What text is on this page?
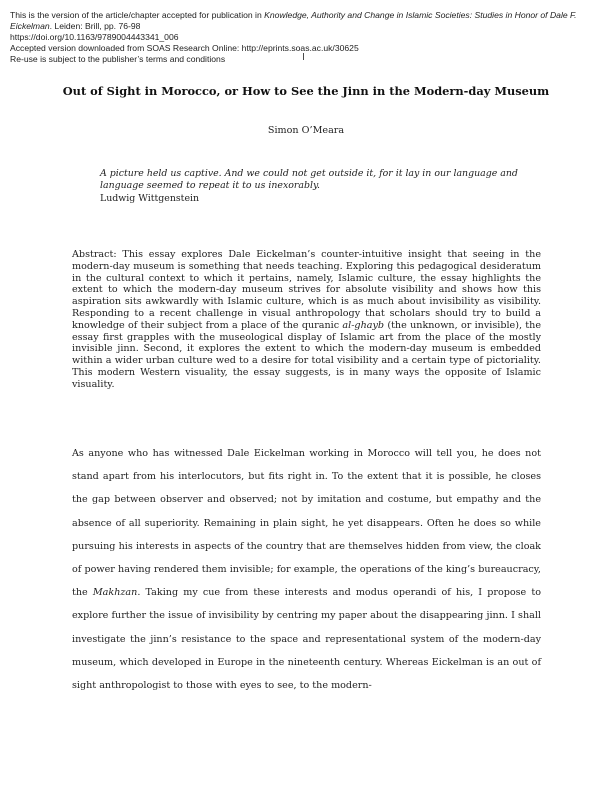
This is the version of the article/chapter accepted for publication in Knowledge, Authority and Change in Islamic Societies: Studies in Honor of Dale F. Eickelman. Leiden: Brill, pp. 76-98
https://doi.org/10.1163/9789004443341_006
Accepted version downloaded from SOAS Research Online: http://eprints.soas.ac.uk/30625
Re-use is subject to the publisher’s terms and conditions	I
Out of Sight in Morocco, or How to See the Jinn in the Modern-day Museum
Simon O’Meara
A picture held us captive. And we could not get outside it, for it lay in our language and language seemed to repeat it to us inexorably.
Ludwig Wittgenstein
Abstract: This essay explores Dale Eickelman’s counter-intuitive insight that seeing in the modern-day museum is something that needs teaching. Exploring this pedagogical desideratum in the cultural context to which it pertains, namely, Islamic culture, the essay highlights the extent to which the modern-day museum strives for absolute visibility and shows how this aspiration sits awkwardly with Islamic culture, which is as much about invisibility as visibility. Responding to a recent challenge in visual anthropology that scholars should try to build a knowledge of their subject from a place of the quranic al-ghayb (the unknown, or invisible), the essay first grapples with the museological display of Islamic art from the place of the mostly invisible jinn. Second, it explores the extent to which the modern-day museum is embedded within a wider urban culture wed to a desire for total visibility and a certain type of pictoriality. This modern Western visuality, the essay suggests, is in many ways the opposite of Islamic visuality.
As anyone who has witnessed Dale Eickelman working in Morocco will tell you, he does not stand apart from his interlocutors, but fits right in. To the extent that it is possible, he closes the gap between observer and observed; not by imitation and costume, but empathy and the absence of all superiority. Remaining in plain sight, he yet disappears. Often he does so while pursuing his interests in aspects of the country that are themselves hidden from view, the cloak of power having rendered them invisible; for example, the operations of the king’s bureaucracy, the Makhzan. Taking my cue from these interests and modus operandi of his, I propose to explore further the issue of invisibility by centring my paper about the disappearing jinn. I shall investigate the jinn’s resistance to the space and representational system of the modern-day museum, which developed in Europe in the nineteenth century. Whereas Eickelman is an out of sight anthropologist to those with eyes to see, to the modern-
